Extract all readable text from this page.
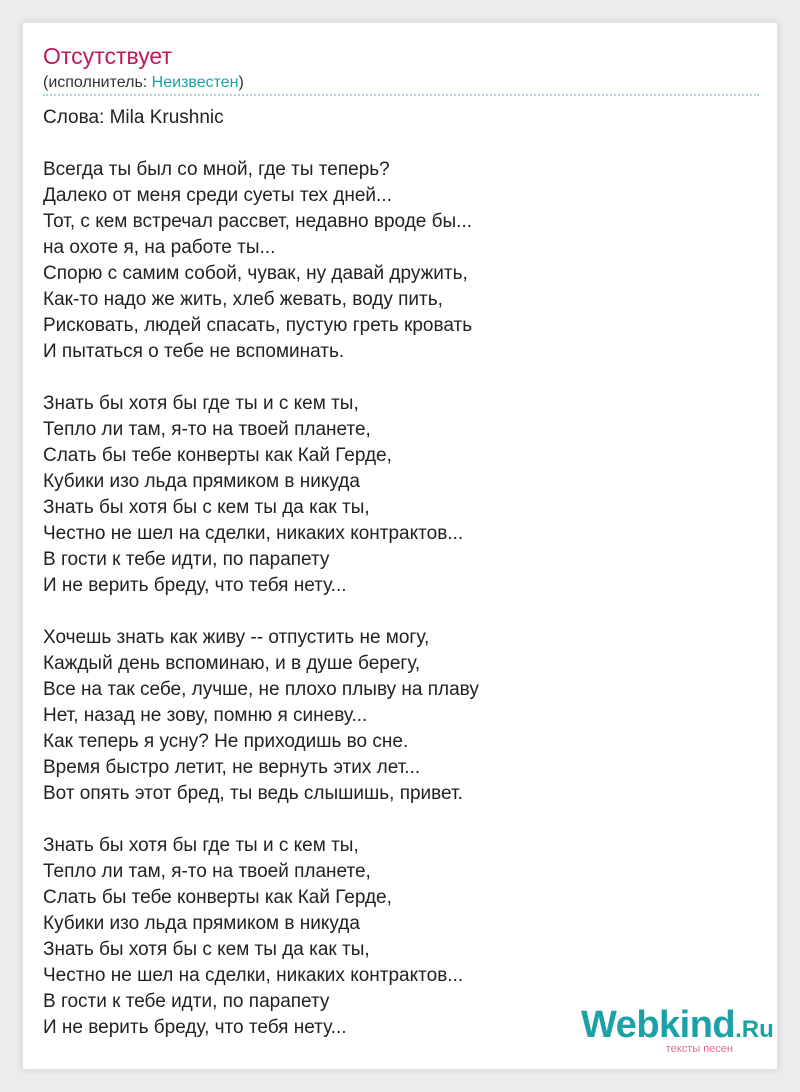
Отсутствует
(исполнитель: Неизвестен)
Слова: Mila Krushnic
Всегда ты был со мной, где ты теперь?
Далеко от меня среди суеты тех дней...
Тот, с кем встречал рассвет, недавно вроде бы...
на охоте я, на работе ты...
Спорю с самим собой, чувак, ну давай дружить,
Как-то надо же жить, хлеб жевать, воду пить,
Рисковать, людей спасать, пустую греть кровать
И пытаться о тебе не вспоминать.
Знать бы хотя бы где ты и с кем ты,
Тепло ли там, я-то на твоей планете,
Слать бы тебе конверты как Кай Герде,
Кубики изо льда прямиком в никуда
Знать бы хотя бы с кем ты да как ты,
Честно не шел на сделки, никаких контрактов...
В гости к тебе идти, по парапету
И не верить бреду, что тебя нету...
Хочешь знать как живу -- отпустить не могу,
Каждый день вспоминаю, и в душе берегу,
Все на так себе, лучше, не плохо плыву на плаву
Нет, назад не зову, помню я синеву...
Как теперь я усну? Не приходишь во сне.
Время быстро летит, не вернуть этих лет...
Вот опять этот бред, ты ведь слышишь, привет.
Знать бы хотя бы где ты и с кем ты,
Тепло ли там, я-то на твоей планете,
Слать бы тебе конверты как Кай Герде,
Кубики изо льда прямиком в никуда
Знать бы хотя бы с кем ты да как ты,
Честно не шел на сделки, никаких контрактов...
В гости к тебе идти, по парапету
И не верить бреду, что тебя нету...	Webkind.Ru
тексты песен
